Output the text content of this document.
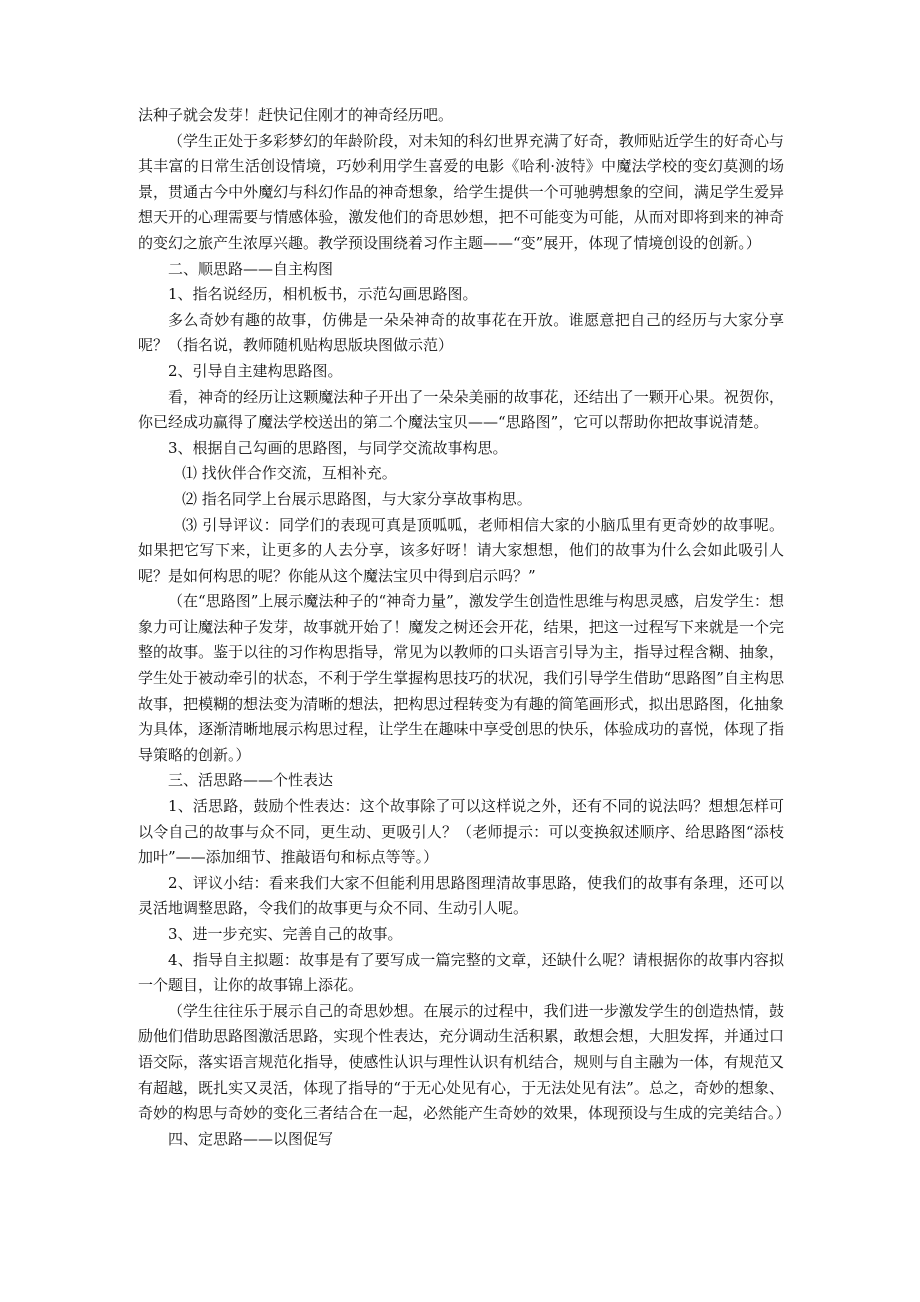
法种子就会发芽！赶快记住刚才的神奇经历吧。

（学生正处于多彩梦幻的年龄阶段，对未知的科幻世界充满了好奇，教师贴近学生的好奇心与其丰富的日常生活创设情境，巧妙利用学生喜爱的电影《哈利·波特》中魔法学校的变幻莫测的场景，贯通古今中外魔幻与科幻作品的神奇想象，给学生提供一个可驰骋想象的空间，满足学生爱异想天开的心理需要与情感体验，激发他们的奇思妙想，把不可能变为可能，从而对即将到来的神奇的变幻之旅产生浓厚兴趣。教学预设围绕着习作主题——“变”展开，体现了情境创设的创新。）

二、顺思路——自主构图

1、指名说经历，相机板书，示范勾画思路图。

多么奇妙有趣的故事，仿佛是一朵朵神奇的故事花在开放。谁愿意把自己的经历与大家分享呢？（指名说，教师随机贴构思版块图做示范）

2、引导自主建构思路图。

看，神奇的经历让这颗魔法种子开出了一朵朵美丽的故事花，还结出了一颗开心果。祝贺你，你已经成功赢得了魔法学校送出的第二个魔法宝贝——“思路图”，它可以帮助你把故事说清楚。

3、根据自己勾画的思路图，与同学交流故事构思。

⑴ 找伙伴合作交流，互相补充。

⑵ 指名同学上台展示思路图，与大家分享故事构思。

⑶ 引导评议：同学们的表现可真是顶呱呱，老师相信大家的小脑瓜里有更奇妙的故事呢。如果把它写下来，让更多的人去分享，该多好呀！请大家想想，他们的故事为什么会如此吸引人呢？是如何构思的呢？你能从这个魔法宝贝中得到启示吗？”

（在“思路图”上展示魔法种子的“神奇力量”，激发学生创造性思维与构思灵感，启发学生：想象力可让魔法种子发芽，故事就开始了！魔发之树还会开花，结果，把这一过程写下来就是一个完整的故事。鉴于以往的习作构思指导，常见为以教师的口头语言引导为主，指导过程含糊、抽象，学生处于被动牵引的状态，不利于学生掌握构思技巧的状况，我们引导学生借助“思路图”自主构思故事，把模糊的想法变为清晰的想法，把构思过程转变为有趣的简笔画形式，拟出思路图，化抽象为具体，逐渐清晰地展示构思过程，让学生在趣味中享受创思的快乐，体验成功的喜悦，体现了指导策略的创新。）

三、活思路——个性表达

1、活思路，鼓励个性表达：这个故事除了可以这样说之外，还有不同的说法吗？想想怎样可以令自己的故事与众不同，更生动、更吸引人？（老师提示：可以变换叙述顺序、给思路图“添枝加叶”——添加细节、推敲语句和标点等等。）

2、评议小结：看来我们大家不但能利用思路图理清故事思路，使我们的故事有条理，还可以灵活地调整思路，令我们的故事更与众不同、生动引人呢。

3、进一步充实、完善自己的故事。

4、指导自主拟题：故事是有了要写成一篇完整的文章，还缺什么呢？请根据你的故事内容拟一个题目，让你的故事锦上添花。

（学生往往乐于展示自己的奇思妙想。在展示的过程中，我们进一步激发学生的创造热情，鼓励他们借助思路图激活思路，实现个性表达，充分调动生活积累，敢想会想，大胆发挥，并通过口语交际，落实语言规范化指导，使感性认识与理性认识有机结合，规则与自主融为一体，有规范又有超越，既扎实又灵活，体现了指导的“于无心处见有心，于无法处见有法”。总之，奇妙的想象、奇妙的构思与奇妙的变化三者结合在一起，必然能产生奇妙的效果，体现预设与生成的完美结合。）

四、定思路——以图促写
